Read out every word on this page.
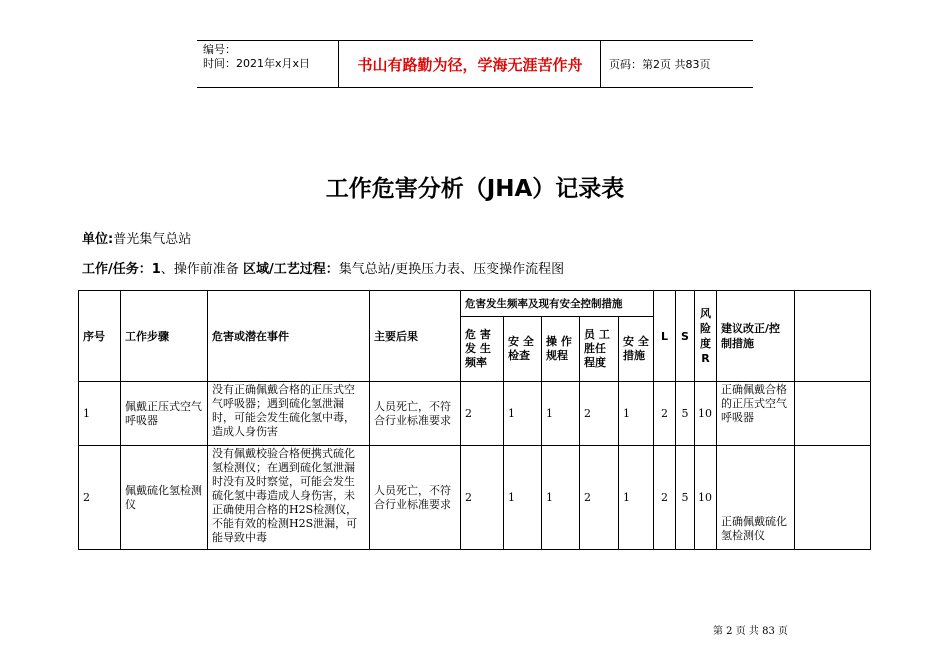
编号：
时间：2021年x月x日	书山有路勤为径，学海无涯苦作舟	页码：第2页 共83页
工作危害分析（JHA）记录表
单位:普光集气总站
工作/任务：1、操作前准备 区域/工艺过程：集气总站/更换压力表、压变操作流程图
序号	工作步骤	危害或潜在事件	主要后果	危害发生频率及现有安全控制措施					L	S	风险度 R	建议改正/控制措施	
				危 害 发 生 频率	安 全 检查	操 作 规程	员 工 胜任程度	安 全 措施					
1	佩戴正压式空气呼吸器	没有正确佩戴合格的正压式空气呼吸器；遇到硫化氢泄漏时，可能会发生硫化氢中毒，造成人身伤害	人员死亡，不符合行业标准要求	2	1	1	2	1	2	5	10	正确佩戴合格的正压式空气呼吸器	
2	佩戴硫化氢检测仪	没有佩戴校验合格便携式硫化氢检测仪；在遇到硫化氢泄漏时没有及时察觉，可能会发生硫化氢中毒造成人身伤害，未正确使用合格的H2S检测仪，不能有效的检测H2S泄漏，可能导致中毒	人员死亡，不符合行业标准要求	2	1	1	2	1	2	5	10	正确佩戴硫化氢检测仪	
第 2 页 共 83 页
